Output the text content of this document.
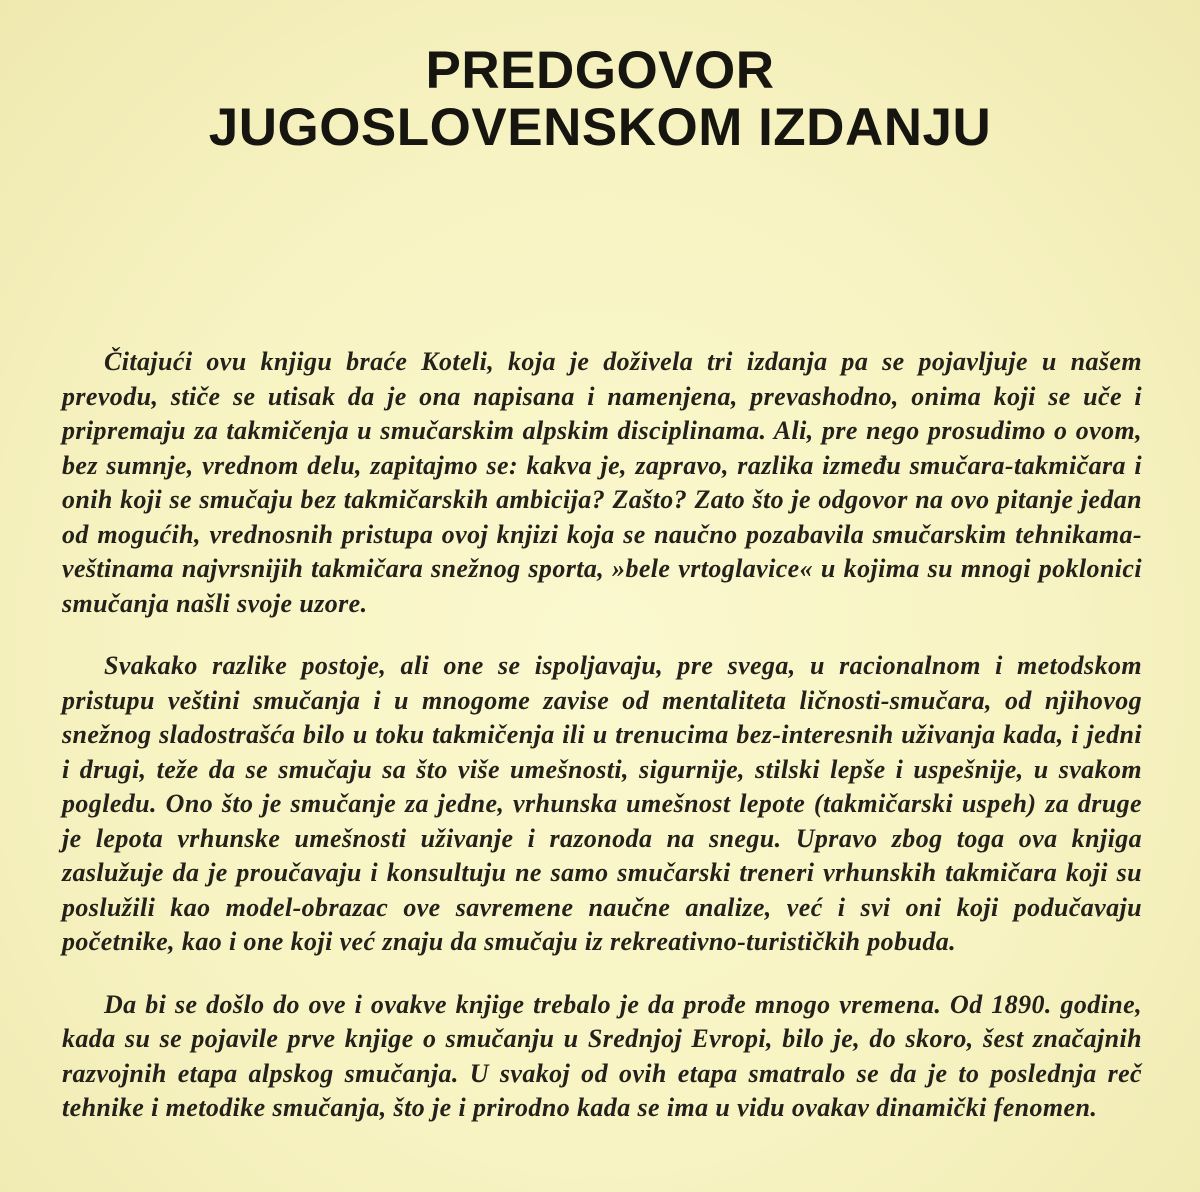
PREDGOVOR
JUGOSLOVENSKOM IZDANJU

Čitajući ovu knjigu braće Koteli, koja je doživela tri izdanja pa se pojavljuje u našem prevodu, stiče se utisak da je ona napisana i namenjena, prevashodno, onima koji se uče i pripremaju za takmičenja u smučarskim alpskim disciplinama. Ali, pre nego prosudimo o ovom, bez sumnje, vrednom delu, zapitajmo se: kakva je, zapravo, razlika između smučara-takmičara i onih koji se smučaju bez takmičarskih ambicija? Zašto? Zato što je odgovor na ovo pitanje jedan od mogućih, vrednosnih pristupa ovoj knjizi koja se naučno pozabavila smučarskim tehnikama-veštinama najvrsnijih takmičara snežnog sporta, »bele vrtoglavice« u kojima su mnogi poklonici smučanja našli svoje uzore.

Svakako razlike postoje, ali one se ispoljavaju, pre svega, u racionalnom i metodskom pristupu veštini smučanja i u mnogome zavise od mentaliteta ličnosti-smučara, od njihovog snežnog sladostrašća bilo u toku takmičenja ili u trenucima bez-interesnih uživanja kada, i jedni i drugi, teže da se smučaju sa što više umešnosti, sigurnije, stilski lepše i uspešnije, u svakom pogledu. Ono što je smučanje za jedne, vrhunska umešnost lepote (takmičarski uspeh) za druge je lepota vrhunske umešnosti uživanje i razonoda na snegu. Upravo zbog toga ova knjiga zaslužuje da je proučavaju i konsultuju ne samo smučarski treneri vrhunskih takmičara koji su poslužili kao model-obrazac ove savremene naučne analize, već i svi oni koji podučavaju početnike, kao i one koji već znaju da smučaju iz rekreativno-turističkih pobuda.

Da bi se došlo do ove i ovakve knjige trebalo je da prođe mnogo vremena. Od 1890. godine, kada su se pojavile prve knjige o smučanju u Srednjoj Evropi, bilo je, do skoro, šest značajnih razvojnih etapa alpskog smučanja. U svakoj od ovih etapa smatralo se da je to poslednja reč tehnike i metodike smučanja, što je i prirodno kada se ima u vidu ovakav dinamički fenomen.
